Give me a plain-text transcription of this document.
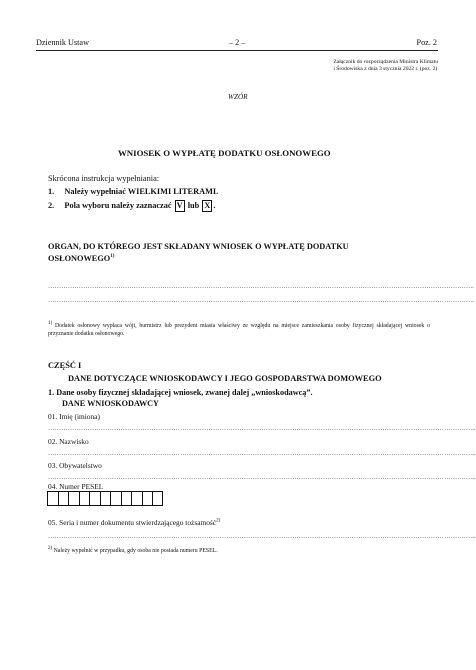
Dziennik Ustaw	– 2 –	Poz. 2
Załącznik do rozporządzenia Ministra Klimatu
i Środowiska z dnia 3 stycznia 2022 r. (poz. 2)
WZÓR
WNIOSEK O WYPŁATĘ DODATKU OSŁONOWEGO
Skrócona instrukcja wypełniania:
1. Należy wypełniać WIELKIMI LITERAMI.
2. Pola wyboru należy zaznaczać V lub X .
ORGAN, DO KTÓREGO JEST SKŁADANY WNIOSEK O WYPŁATĘ DODATKU
OSŁONOWEGO$^{1)}$
…………………………………………………………………………………………………………………………………………………………………………..
…………………………………………………………………………………………………………………………………………………………………………..
$^{1)}$ Dodatek osłonowy wypłaca wójt, burmistrz lub prezydent miasta właściwy ze względu na miejsce zamieszkania osoby fizycznej składającej wniosek o przyznanie dodatku osłonowego.
CZĘŚĆ I
DANE DOTYCZĄCE WNIOSKODAWCY I JEGO GOSPODARSTWA DOMOWEGO
1. Dane osoby fizycznej składającej wniosek, zwanej dalej „wnioskodawcą”.
DANE WNIOSKODAWCY
01. Imię (imiona)
…………………………………………………………………………………………………………………………………………………………………………...
02. Nazwisko
…………………………………………………………………………………………………………………………………………………………………………...
03. Obywatelstwo
…………………………………………………………………………………………………………………………………………………………………………...
04. Numer PESEL
05. Seria i numer dokumentu stwierdzającego tożsamość$^{2)}$
…………………………………………………………………………………………………………………………………………………………………………...
$^{2)}$ Należy wypełnić w przypadku, gdy osoba nie posiada numeru PESEL.
